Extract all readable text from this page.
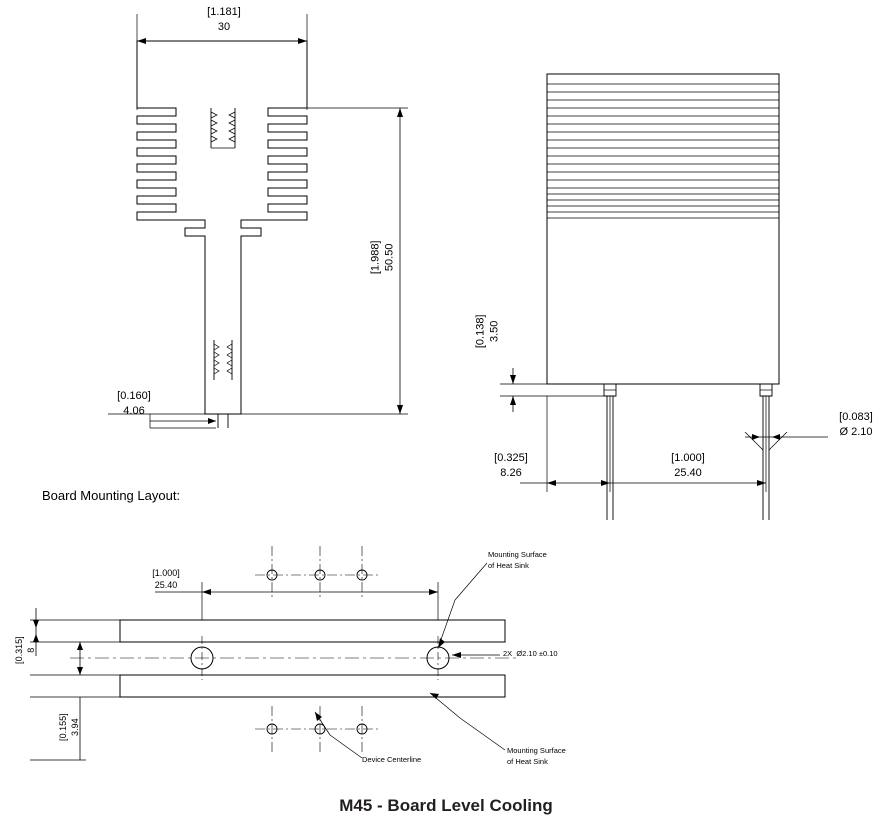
[1.181]
30
[1.988] 50.50
[0.160]
4.06
[0.138] 3.50
[0.325]
8.26
[1.000]
25.40
[0.083]
Ø 2.10
Board Mounting Layout:
[1.000]
25.40
[0.315] 8
[0.155] 3.94
Mounting Surface
of Heat Sink
2X  Ø2.10 ±0.10
Mounting Surface
of Heat Sink
Device Centerline
M45 - Board Level Cooling
